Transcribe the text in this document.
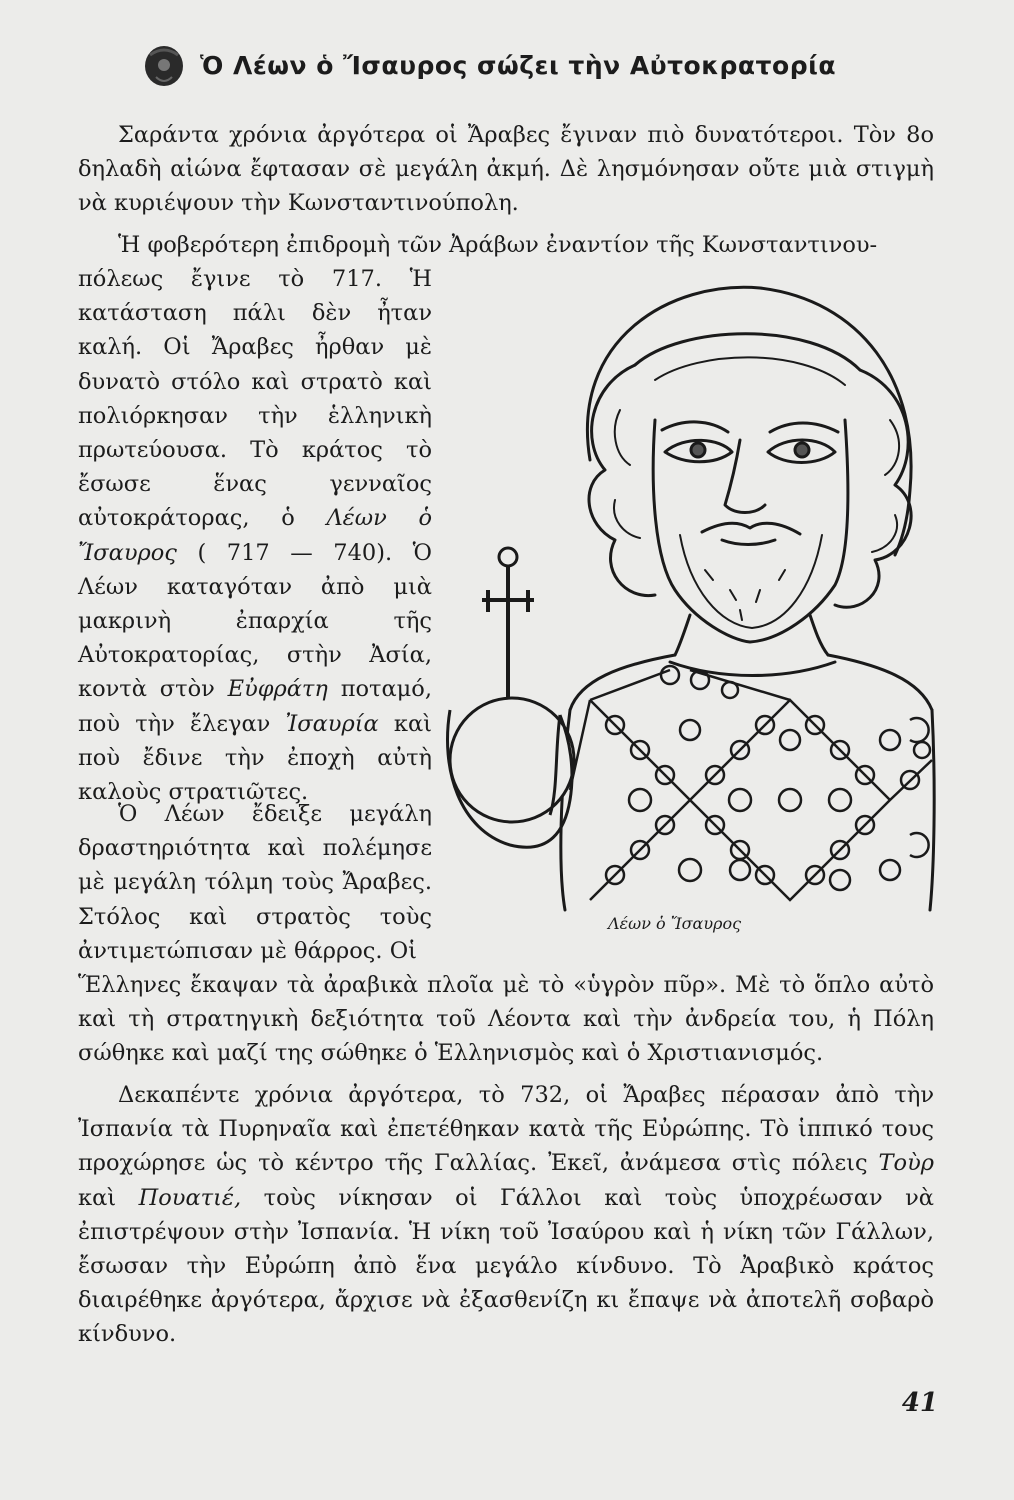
Ὁ Λέων ὁ Ἴσαυρος σώζει τὴν Αὐτοκρατορία

Σαράντα χρόνια ἀργότερα οἱ Ἄραβες ἔγιναν πιὸ δυνατότεροι. Τὸν 8ο δηλαδὴ αἰώνα ἔφτασαν σὲ μεγάλη ἀκμή. Δὲ λησμόνησαν οὔτε μιὰ στιγμὴ νὰ κυριέψουν τὴν Κωνσταντινούπολη.

Ἡ φοβερότερη ἐπιδρομὴ τῶν Ἀράβων ἐναντίον τῆς Κωνσταντινου-

πόλεως ἔγινε τὸ 717. Ἡ κατάσταση πάλι δὲν ἦταν καλή. Οἱ Ἄραβες ἦρθαν μὲ δυνατὸ στόλο καὶ στρατὸ καὶ πολιόρκησαν τὴν ἑλληνικὴ πρωτεύουσα. Τὸ κράτος τὸ ἔσωσε ἕνας γενναῖος αὐτοκράτορας, ὁ Λέων ὁ Ἴσαυρος ( 717 — 740). Ὁ Λέων καταγόταν ἀπὸ μιὰ μακρινὴ ἐπαρχία τῆς Αὐτοκρατορίας, στὴν Ἀσία, κοντὰ στὸν Εὐφράτη ποταμό, ποὺ τὴν ἔλεγαν Ἰσαυρία καὶ ποὺ ἔδινε τὴν ἐποχὴ αὐτὴ καλοὺς στρατιῶτες.

Ὁ Λέων ἔδειξε μεγάλη δραστηριότητα καὶ πολέμησε μὲ μεγάλη τόλμη τοὺς Ἄραβες. Στόλος καὶ στρατὸς τοὺς ἀντιμετώπισαν μὲ θάρρος. Οἱ

Ἕλληνες ἔκαψαν τὰ ἀραβικὰ πλοῖα μὲ τὸ «ὑγρὸν πῦρ». Μὲ τὸ ὅπλο αὐτὸ καὶ τὴ στρατηγικὴ δεξιότητα τοῦ Λέοντα καὶ τὴν ἀνδρεία του, ἡ Πόλη σώθηκε καὶ μαζί της σώθηκε ὁ Ἑλληνισμὸς καὶ ὁ Χριστιανισμός.

Δεκαπέντε χρόνια ἀργότερα, τὸ 732, οἱ Ἄραβες πέρασαν ἀπὸ τὴν Ἰσπανία τὰ Πυρηναῖα καὶ ἐπετέθηκαν κατὰ τῆς Εὐρώπης. Τὸ ἱππικό τους προχώρησε ὡς τὸ κέντρο τῆς Γαλλίας. Ἐκεῖ, ἀνάμεσα στὶς πόλεις Τοὺρ καὶ Πουατιέ, τοὺς νίκησαν οἱ Γάλλοι καὶ τοὺς ὑποχρέωσαν νὰ ἐπιστρέψουν στὴν Ἰσπανία. Ἡ νίκη τοῦ Ἰσαύρου καὶ ἡ νίκη τῶν Γάλλων, ἔσωσαν τὴν Εὐρώπη ἀπὸ ἕνα μεγάλο κίνδυνο. Τὸ Ἀραβικὸ κράτος διαιρέθηκε ἀργότερα, ἄρχισε νὰ ἐξασθενίζη κι ἔπαψε νὰ ἀποτελῆ σοβαρὸ κίνδυνο.

Λέων ὁ Ἴσαυρος
41
